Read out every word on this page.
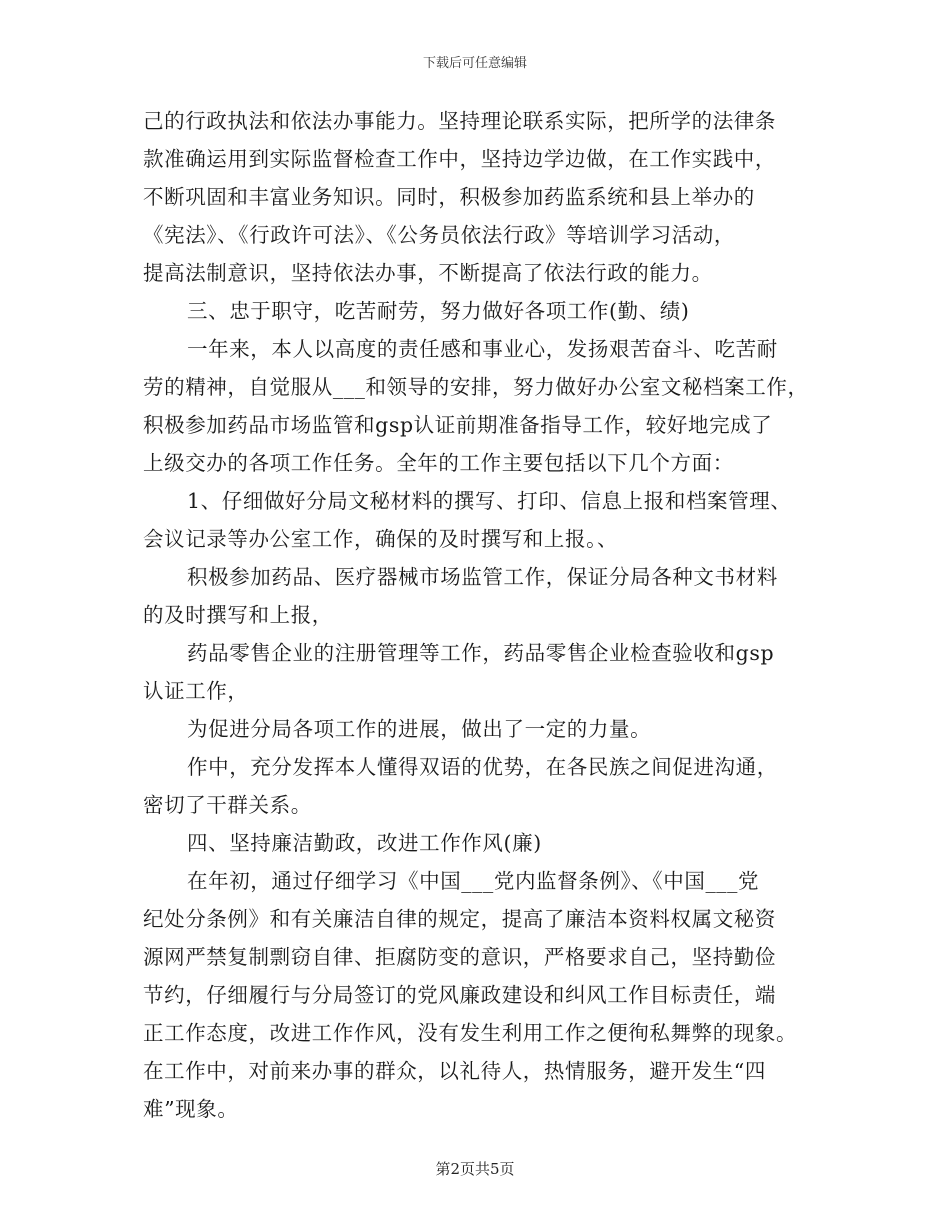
下载后可任意编辑
己的行政执法和依法办事能力。坚持理论联系实际，把所学的法律条
款准确运用到实际监督检查工作中，坚持边学边做，在工作实践中，
不断巩固和丰富业务知识。同时，积极参加药监系统和县上举办的
《宪法》、《行政许可法》、《公务员依法行政》等培训学习活动，
提高法制意识，坚持依法办事，不断提高了依法行政的能力。
三、忠于职守，吃苦耐劳，努力做好各项工作(勤、绩)
一年来，本人以高度的责任感和事业心，发扬艰苦奋斗、吃苦耐
劳的精神，自觉服从___和领导的安排，努力做好办公室文秘档案工作，
积极参加药品市场监管和gsp认证前期准备指导工作，较好地完成了
上级交办的各项工作任务。全年的工作主要包括以下几个方面：
1、仔细做好分局文秘材料的撰写、打印、信息上报和档案管理、
会议记录等办公室工作，确保的及时撰写和上报。、
积极参加药品、医疗器械市场监管工作，保证分局各种文书材料
的及时撰写和上报，
药品零售企业的注册管理等工作，药品零售企业检查验收和gsp
认证工作，
为促进分局各项工作的进展，做出了一定的力量。
作中，充分发挥本人懂得双语的优势，在各民族之间促进沟通，
密切了干群关系。
四、坚持廉洁勤政，改进工作作风(廉)
在年初，通过仔细学习《中国___党内监督条例》、《中国___党
纪处分条例》和有关廉洁自律的规定，提高了廉洁本资料权属文秘资
源网严禁复制剽窃自律、拒腐防变的意识，严格要求自己，坚持勤俭
节约，仔细履行与分局签订的党风廉政建设和纠风工作目标责任，端
正工作态度，改进工作作风，没有发生利用工作之便徇私舞弊的现象。
在工作中，对前来办事的群众，以礼待人，热情服务，避开发生“四
难”现象。
第2页共5页
